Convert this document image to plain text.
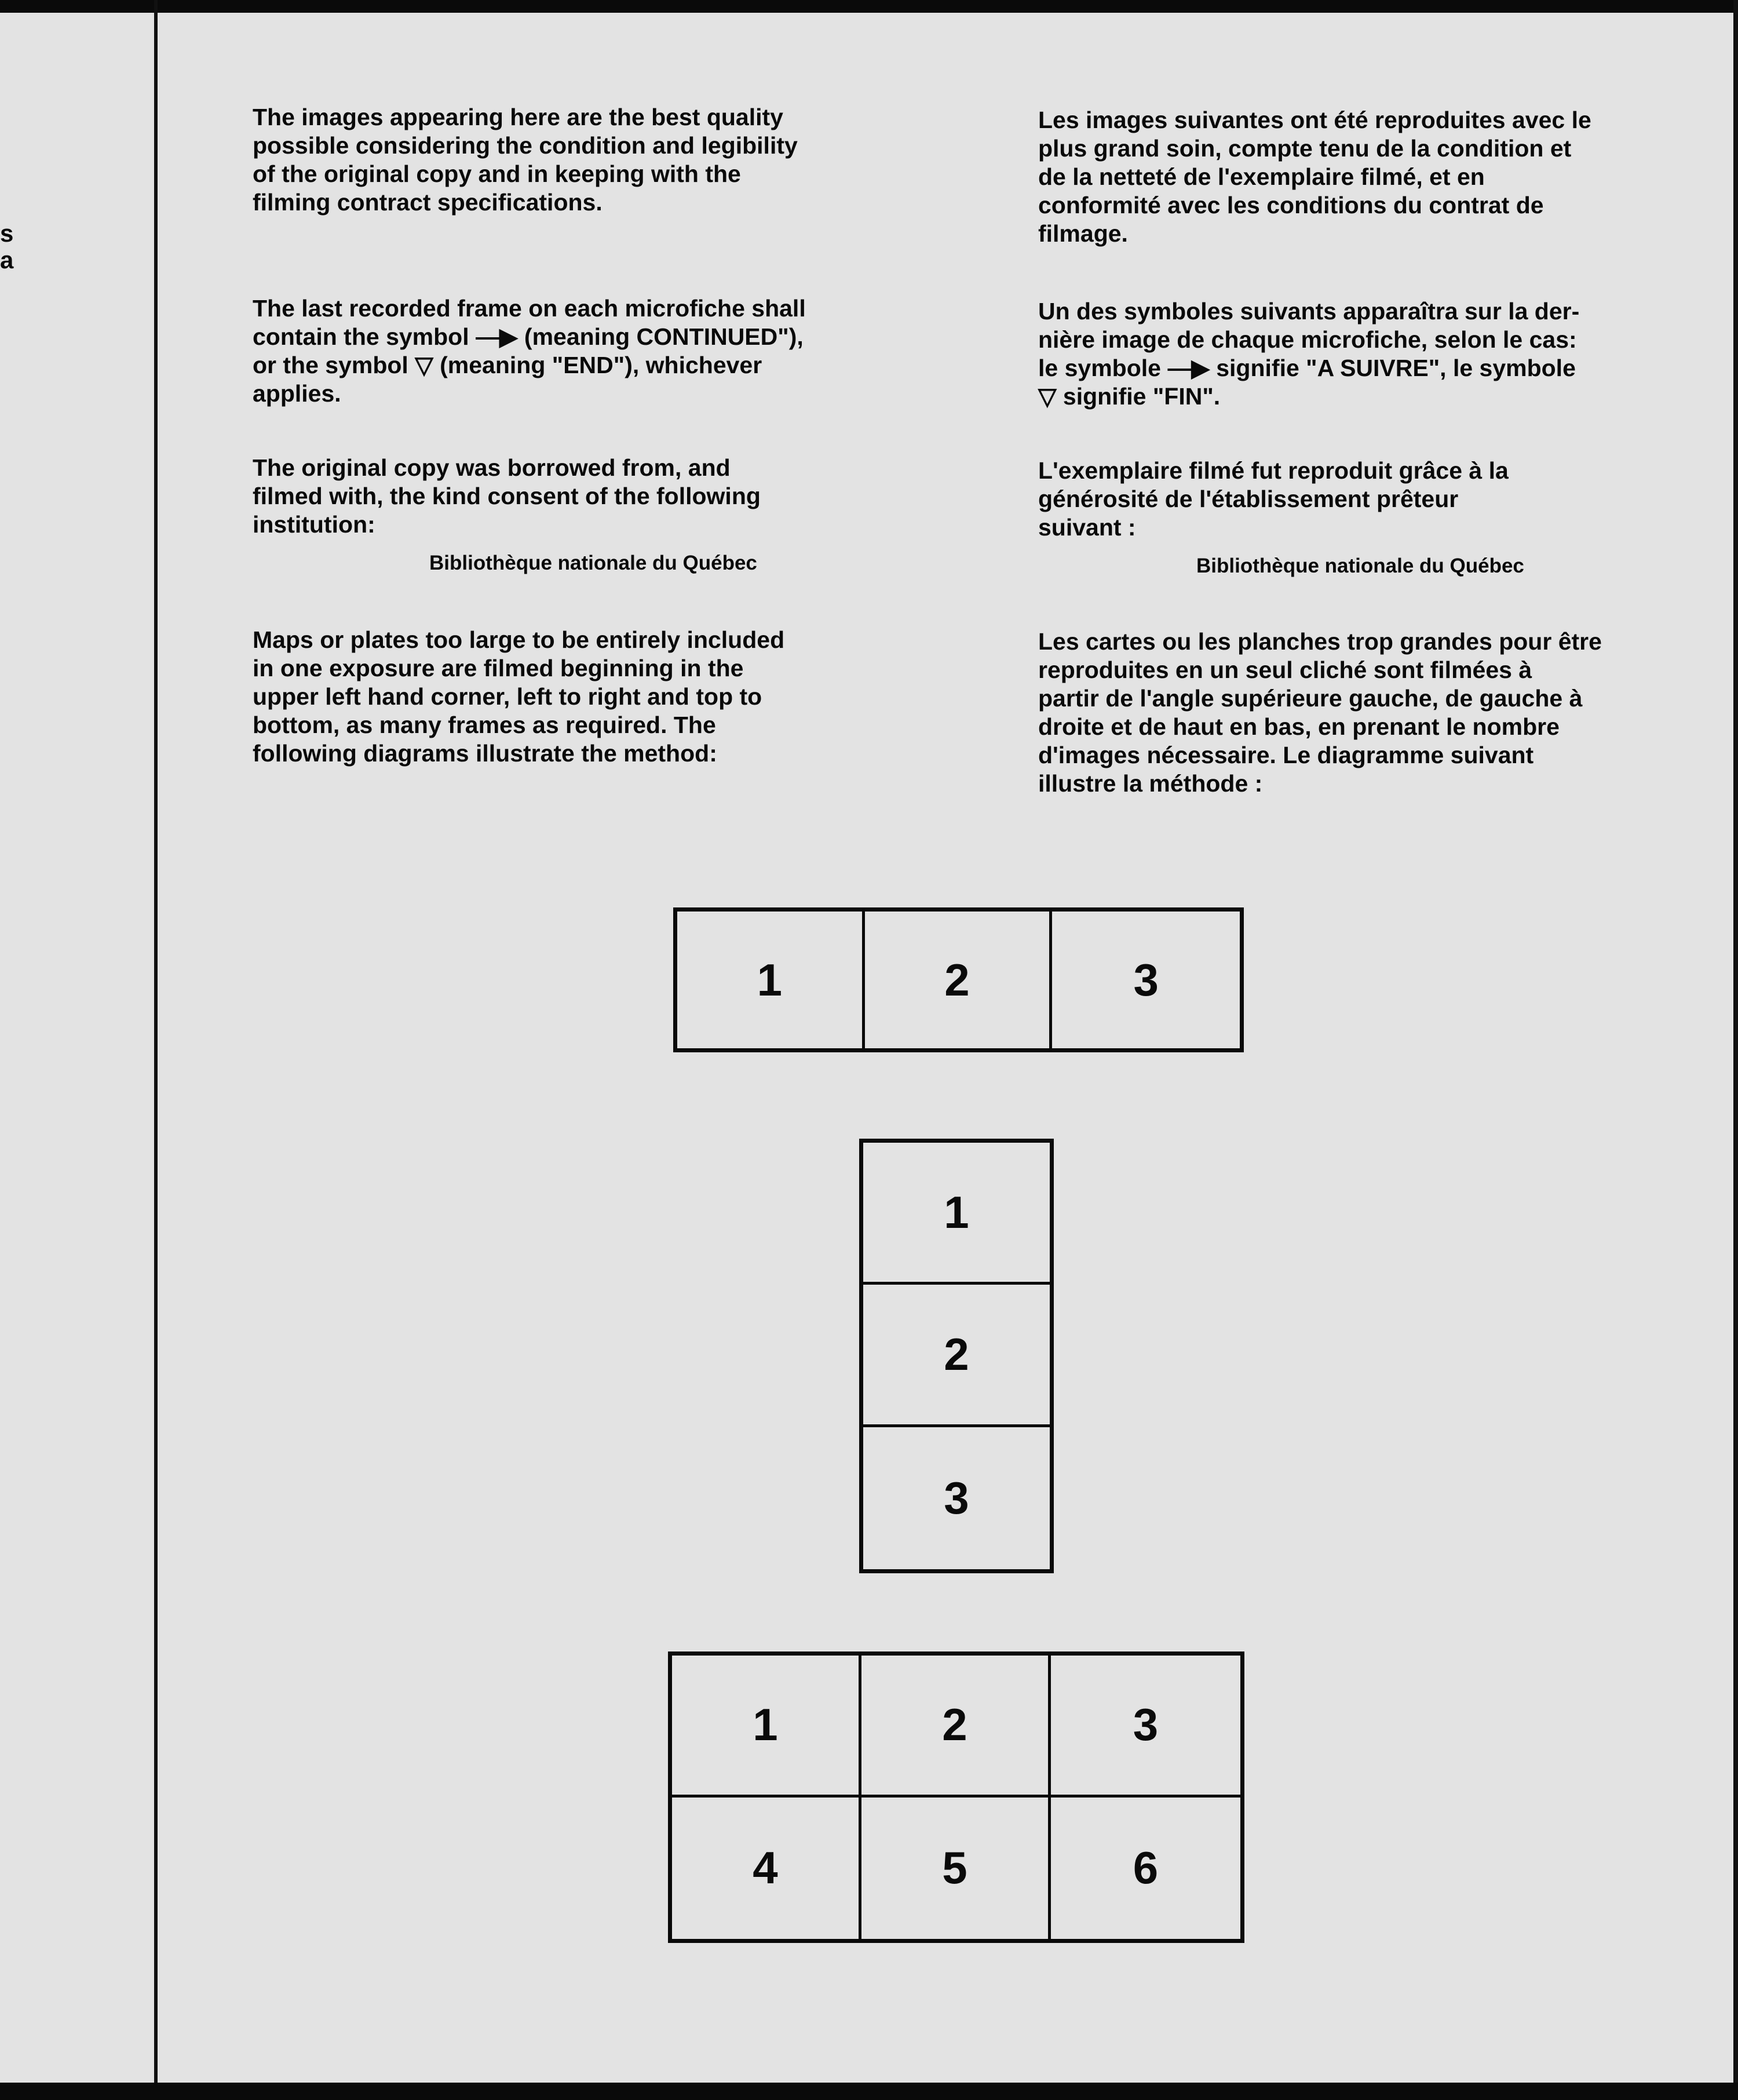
s
a

The images appearing here are the best quality
possible considering the condition and legibility
of the original copy and in keeping with the
filming contract specifications.

The last recorded frame on each microfiche shall
contain the symbol —▶ (meaning CONTINUED"),
or the symbol ▽ (meaning "END"), whichever
applies.

The original copy was borrowed from, and
filmed with, the kind consent of the following
institution:

Bibliothèque nationale du Québec

Maps or plates too large to be entirely included
in one exposure are filmed beginning in the
upper left hand corner, left to right and top to
bottom, as many frames as required. The
following diagrams illustrate the method:

Les images suivantes ont été reproduites avec le
plus grand soin, compte tenu de la condition et
de la netteté de l'exemplaire filmé, et en
conformité avec les conditions du contrat de
filmage.

Un des symboles suivants apparaîtra sur la der-
nière image de chaque microfiche, selon le cas:
le symbole —▶ signifie "A SUIVRE", le symbole
▽ signifie "FIN".

L'exemplaire filmé fut reproduit grâce à la
générosité de l'établissement prêteur
suivant :

Bibliothèque nationale du Québec

Les cartes ou les planches trop grandes pour être
reproduites en un seul cliché sont filmées à
partir de l'angle supérieure gauche, de gauche à
droite et de haut en bas, en prenant le nombre
d'images nécessaire. Le diagramme suivant
illustre la méthode :

1	2	3
1
2
3
1	2	3
4	5	6
